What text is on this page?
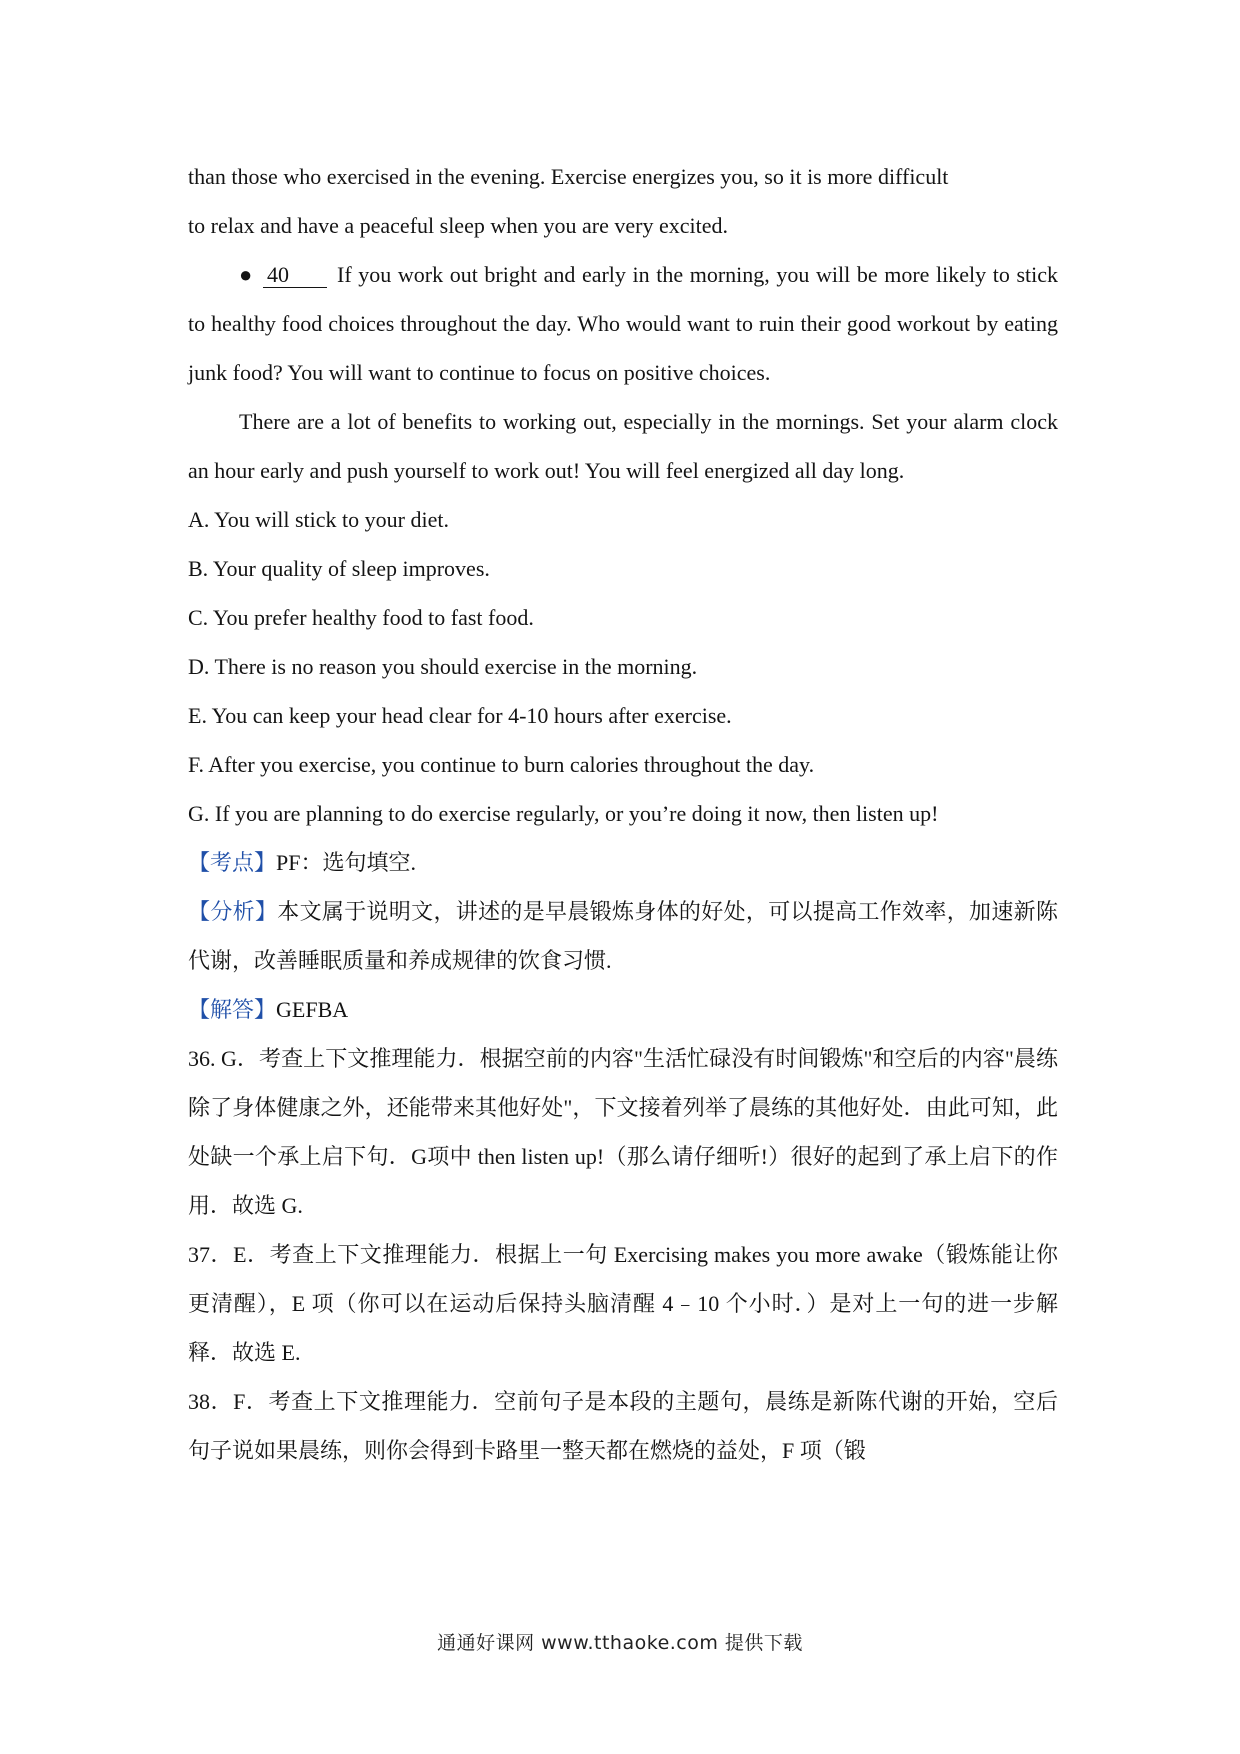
than those who exercised in the evening. Exercise energizes you, so it is more difficult
to relax and have a peaceful sleep when you are very excited.

● 40 If you work out bright and early in the morning, you will be more likely to stick to healthy food choices throughout the day. Who would want to ruin their good workout by eating junk food? You will want to continue to focus on positive choices.

There are a lot of benefits to working out, especially in the mornings. Set your alarm clock an hour early and push yourself to work out! You will feel energized all day long.

A. You will stick to your diet.

B. Your quality of sleep improves.

C. You prefer healthy food to fast food.

D. There is no reason you should exercise in the morning.

E. You can keep your head clear for 4-10 hours after exercise.

F. After you exercise, you continue to burn calories throughout the day.

G. If you are planning to do exercise regularly, or you’re doing it now, then listen up!

【考点】PF：选句填空.

【分析】本文属于说明文，讲述的是早晨锻炼身体的好处，可以提高工作效率，加速新陈代谢，改善睡眠质量和养成规律的饮食习惯.

【解答】GEFBA

36. G．考查上下文推理能力．根据空前的内容"生活忙碌没有时间锻炼"和空后的内容"晨练除了身体健康之外，还能带来其他好处"，下文接着列举了晨练的其他好处．由此可知，此处缺一个承上启下句．G项中 then listen up!（那么请仔细听!）很好的起到了承上启下的作用．故选 G.

37．E．考查上下文推理能力．根据上一句 Exercising makes you more awake（锻炼能让你更清醒），E 项（你可以在运动后保持头脑清醒 4﹣10 个小时．）是对上一句的进一步解释．故选 E.

38．F．考查上下文推理能力．空前句子是本段的主题句，晨练是新陈代谢的开始，空后句子说如果晨练，则你会得到卡路里一整天都在燃烧的益处，F 项（锻

通通好课网 www.tthaoke.com 提供下载
